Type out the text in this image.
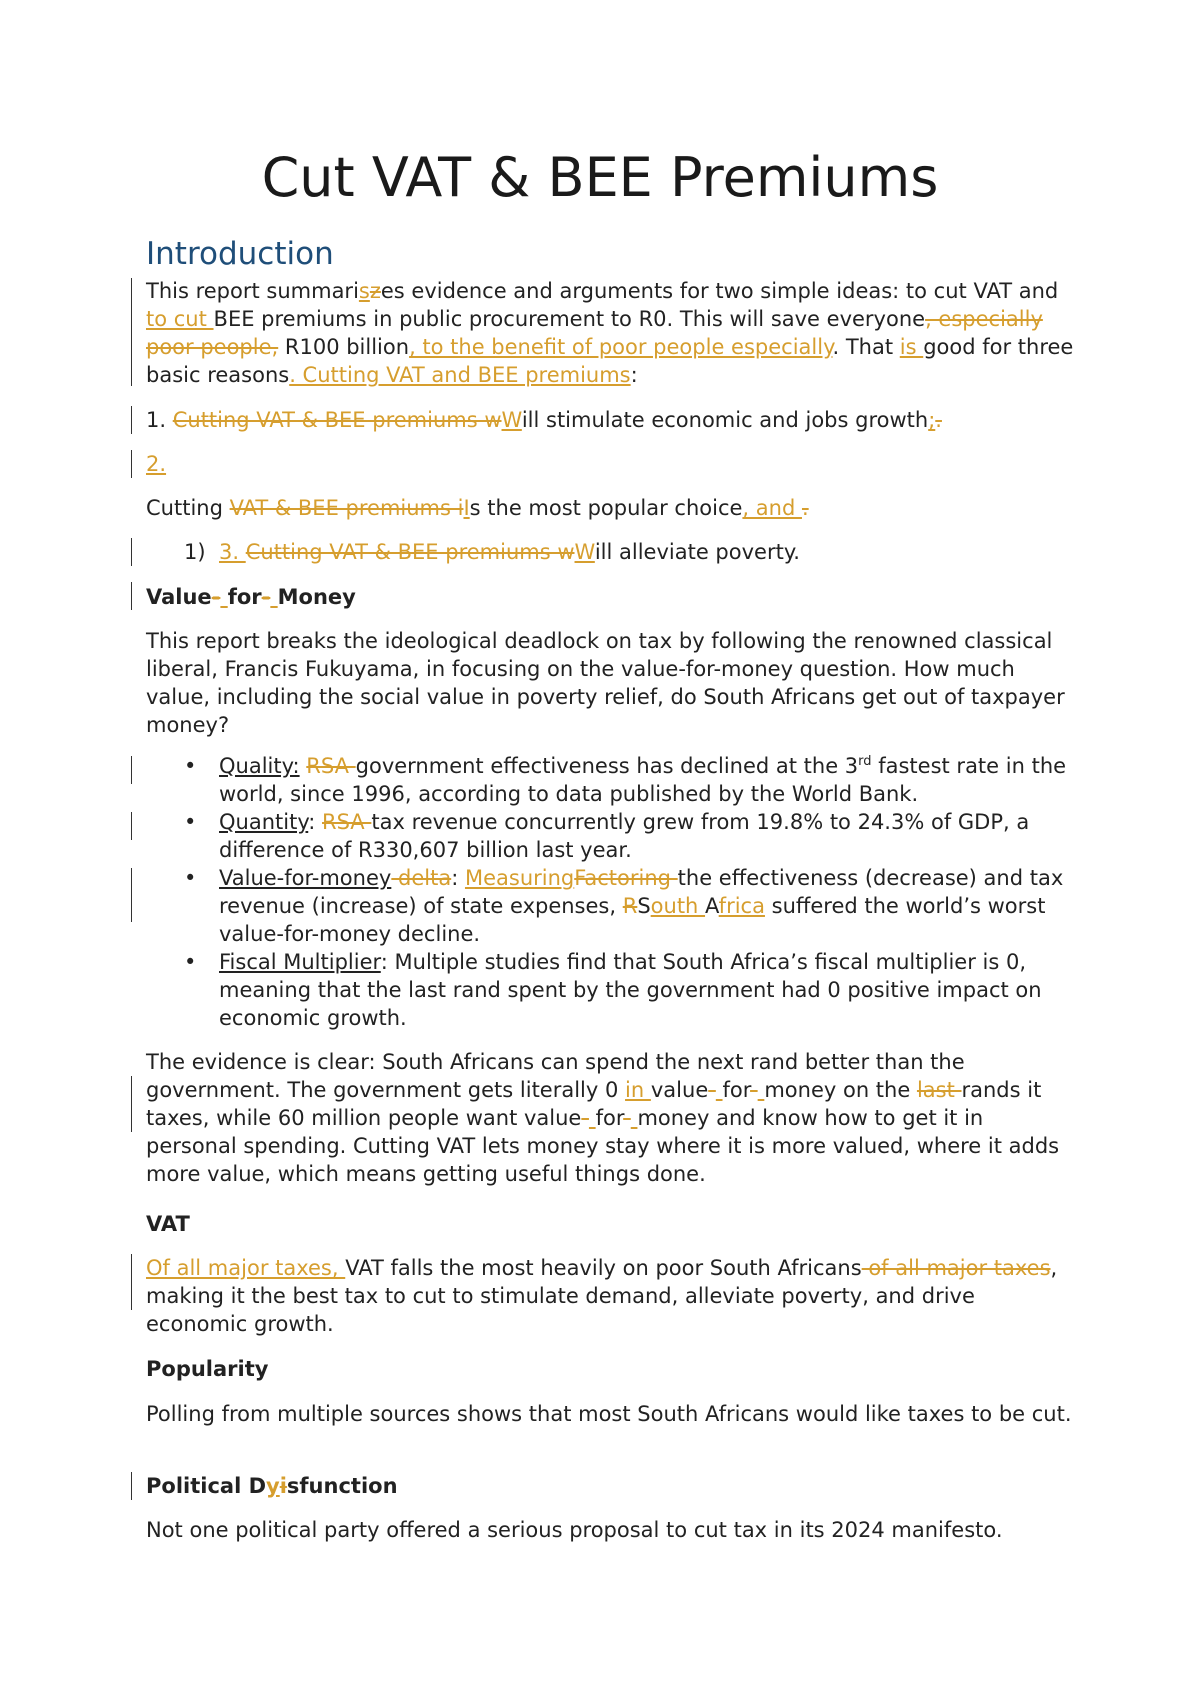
Cut VAT & BEE Premiums
Introduction
This report summariszes evidence and arguments for two simple ideas: to cut VAT and to cut BEE premiums in public procurement to R0. This will save everyone, especially poor people, R100 billion, to the benefit of poor people especially. That is good for three basic reasons. Cutting VAT and BEE premiums:
1. Cutting VAT & BEE premiums wWill stimulate economic and jobs growth;.
2.
Cutting VAT & BEE premiums iIs the most popular choice, and .
1) 3. Cutting VAT & BEE premiums wWill alleviate poverty.
Value- for- Money
This report breaks the ideological deadlock on tax by following the renowned classical liberal, Francis Fukuyama, in focusing on the value-for-money question. How much value, including the social value in poverty relief, do South Africans get out of taxpayer money?
• Quality: RSA government effectiveness has declined at the 3rd fastest rate in the world, since 1996, according to data published by the World Bank.
• Quantity: RSA tax revenue concurrently grew from 19.8% to 24.3% of GDP, a difference of R330,607 billion last year.
• Value-for-money delta: MeasuringFactoring the effectiveness (decrease) and tax revenue (increase) of state expenses, RSouth Africa suffered the world’s worst value-for-money decline.
• Fiscal Multiplier: Multiple studies find that South Africa’s fiscal multiplier is 0, meaning that the last rand spent by the government had 0 positive impact on economic growth.
The evidence is clear: South Africans can spend the next rand better than the government. The government gets literally 0 in value- for- money on the last rands it taxes, while 60 million people want value- for- money and know how to get it in personal spending. Cutting VAT lets money stay where it is more valued, where it adds more value, which means getting useful things done.
VAT
Of all major taxes, VAT falls the most heavily on poor South Africans of all major taxes, making it the best tax to cut to stimulate demand, alleviate poverty, and drive economic growth.
Popularity
Polling from multiple sources shows that most South Africans would like taxes to be cut.
Political Dyisfunction
Not one political party offered a serious proposal to cut tax in its 2024 manifesto.
